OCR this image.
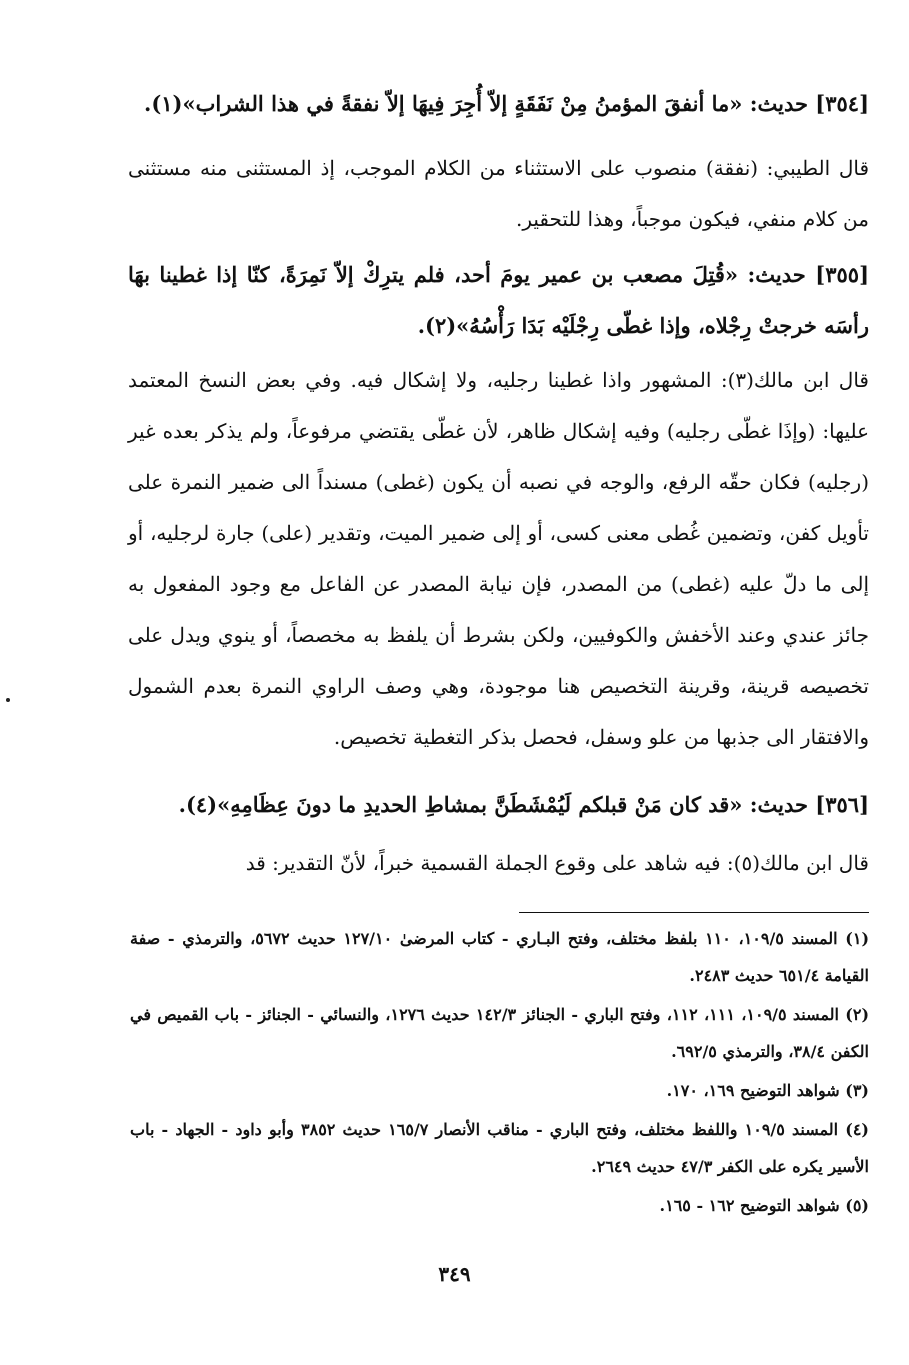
[٣٥٤] حديث: «ما أنفقَ المؤمنُ مِنْ نَفَقَةٍ إلاّ أُجِرَ فِيهَا إلاّ نفقةً في هذا الشراب»(١).

قال الطيبي: (نفقة) منصوب على الاستثناء من الكلام الموجب، إذ المستثنى منه مستثنى من كلام منفي، فيكون موجباً، وهذا للتحقير.

[٣٥٥] حديث: «قُتِلَ مصعب بن عمير يومَ أحد، فلم يترِكْ إلاّ نَمِرَةً، كنّا إذا غطينا بهَا رأسَه خرجتْ رِجْلاه، وإذا غطّى رِجْلَيْه بَدَا رَأْسُهُ»(٢).

قال ابن مالك(٣): المشهور واذا غطينا رجليه، ولا إشكال فيه. وفي بعض النسخ المعتمد عليها: (وإذَا غطّى رجليه) وفيه إشكال ظاهر، لأن غطّى يقتضي مرفوعاً، ولم يذكر بعده غير (رجليه) فكان حقّه الرفع، والوجه في نصبه أن يكون (غطى) مسنداً الى ضمير النمرة على تأويل كفن، وتضمين غُطى معنى كسى، أو إلى ضمير الميت، وتقدير (على) جارة لرجليه، أو إلى ما دلّ عليه (غطى) من المصدر، فإن نيابة المصدر عن الفاعل مع وجود المفعول به جائز عندي وعند الأخفش والكوفيين، ولكن بشرط أن يلفظ به مخصصاً، أو ينوي ويدل على تخصيصه قرينة، وقرينة التخصيص هنا موجودة، وهي وصف الراوي النمرة بعدم الشمول والافتقار الى جذبها من علو وسفل، فحصل بذكر التغطية تخصيص.

[٣٥٦] حديث: «قد كان مَنْ قبلكم لَيُمْشَطَنَّ بمشاطِ الحديدِ ما دونَ عِظَامِهِ»(٤).

قال ابن مالك(٥): فيه شاهد على وقوع الجملة القسمية خبراً، لأنّ التقدير: قد

(١) المسند ١٠٩/٥، ١١٠ بلفظ مختلف، وفتح البـاري - كتاب المرضىٰ ١٢٧/١٠ حديث ٥٦٧٢، والترمذي - صفة القيامة ٦٥١/٤ حديث ٢٤٨٣.

(٢) المسند ١٠٩/٥، ١١١، ١١٢، وفتح الباري - الجنائز ١٤٢/٣ حديث ١٢٧٦، والنسائي - الجنائز - باب القميص في الكفن ٣٨/٤، والترمذي ٦٩٢/٥.

(٣) شواهد التوضيح ١٦٩، ١٧٠.

(٤) المسند ١٠٩/٥ واللفظ مختلف، وفتح الباري - مناقب الأنصار ١٦٥/٧ حديث ٣٨٥٢ وأبو داود - الجهاد - باب الأسير يكره على الكفر ٤٧/٣ حديث ٢٦٤٩.

(٥) شواهد التوضيح ١٦٢ - ١٦٥.

٣٤٩
